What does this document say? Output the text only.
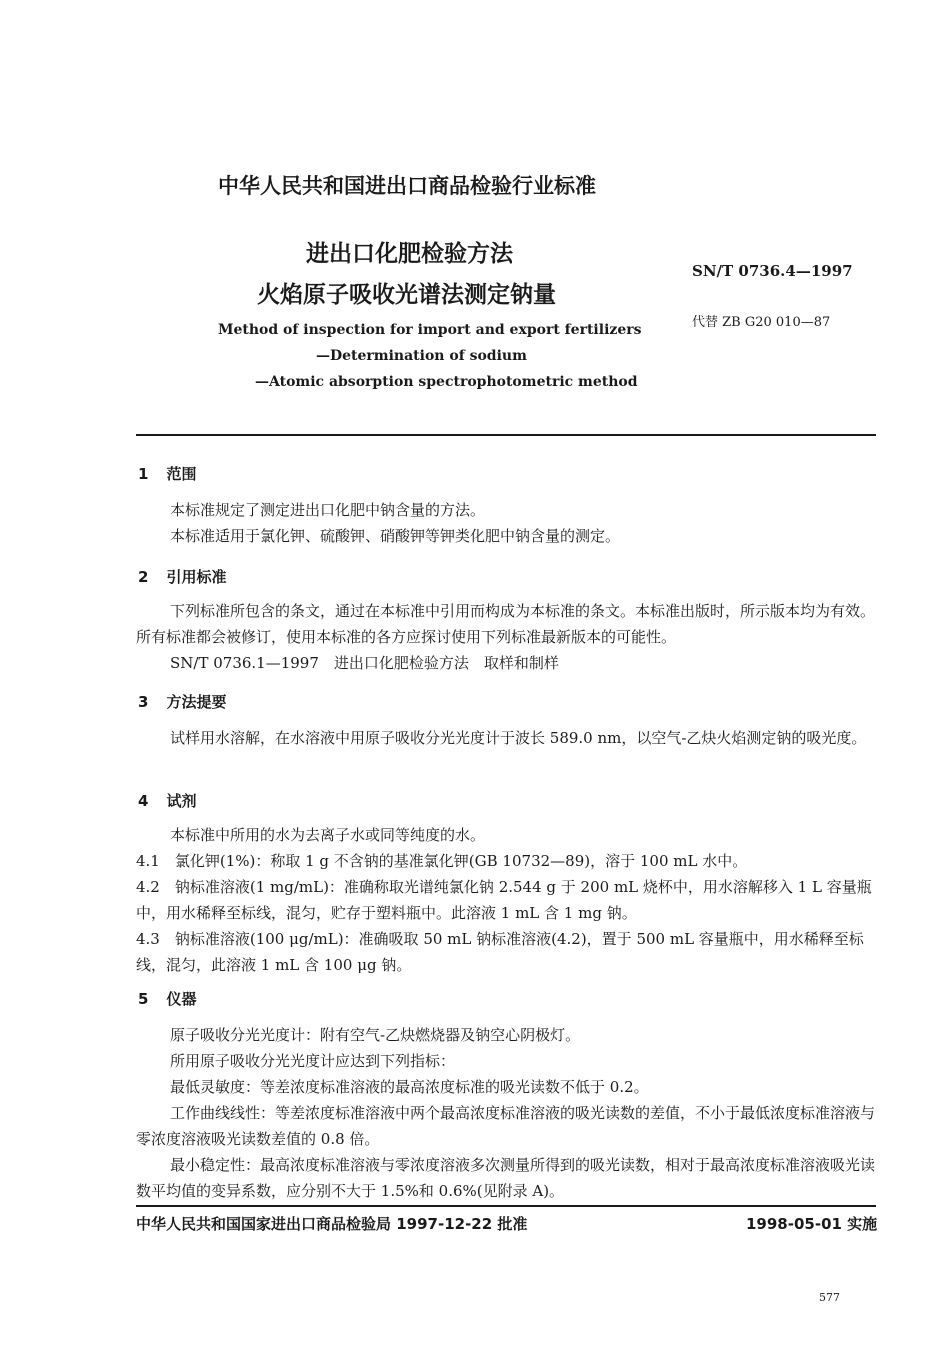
中华人民共和国进出口商品检验行业标准
进出口化肥检验方法
火焰原子吸收光谱法测定钠量
SN/T 0736.4—1997
代替 ZB G20 010—87
Method of inspection for import and export fertilizers
—Determination of sodium
—Atomic absorption spectrophotometric method
1 范围
本标准规定了测定进出口化肥中钠含量的方法。
本标准适用于氯化钾、硫酸钾、硝酸钾等钾类化肥中钠含量的测定。
2 引用标准
下列标准所包含的条文，通过在本标准中引用而构成为本标准的条文。本标准出版时，所示版本均为有效。所有标准都会被修订，使用本标准的各方应探讨使用下列标准最新版本的可能性。
SN/T 0736.1—1997　进出口化肥检验方法　取样和制样
3 方法提要
试样用水溶解，在水溶液中用原子吸收分光光度计于波长 589.0 nm，以空气-乙炔火焰测定钠的吸光度。
4 试剂
本标准中所用的水为去离子水或同等纯度的水。
4.1　氯化钾(1%)：称取 1 g 不含钠的基准氯化钾(GB 10732—89)，溶于 100 mL 水中。
4.2　钠标准溶液(1 mg/mL)：准确称取光谱纯氯化钠 2.544 g 于 200 mL 烧杯中，用水溶解移入 1 L 容量瓶中，用水稀释至标线，混匀，贮存于塑料瓶中。此溶液 1 mL 含 1 mg 钠。
4.3　钠标准溶液(100 μg/mL)：准确吸取 50 mL 钠标准溶液(4.2)，置于 500 mL 容量瓶中，用水稀释至标线，混匀，此溶液 1 mL 含 100 μg 钠。
5 仪器
原子吸收分光光度计：附有空气-乙炔燃烧器及钠空心阴极灯。
所用原子吸收分光光度计应达到下列指标：
最低灵敏度：等差浓度标准溶液的最高浓度标准的吸光读数不低于 0.2。
工作曲线线性：等差浓度标准溶液中两个最高浓度标准溶液的吸光读数的差值，不小于最低浓度标准溶液与零浓度溶液吸光读数差值的 0.8 倍。
最小稳定性：最高浓度标准溶液与零浓度溶液多次测量所得到的吸光读数，相对于最高浓度标准溶液吸光读数平均值的变异系数，应分别不大于 1.5%和 0.6%(见附录 A)。
中华人民共和国国家进出口商品检验局 1997-12-22 批准	1998-05-01 实施
577
